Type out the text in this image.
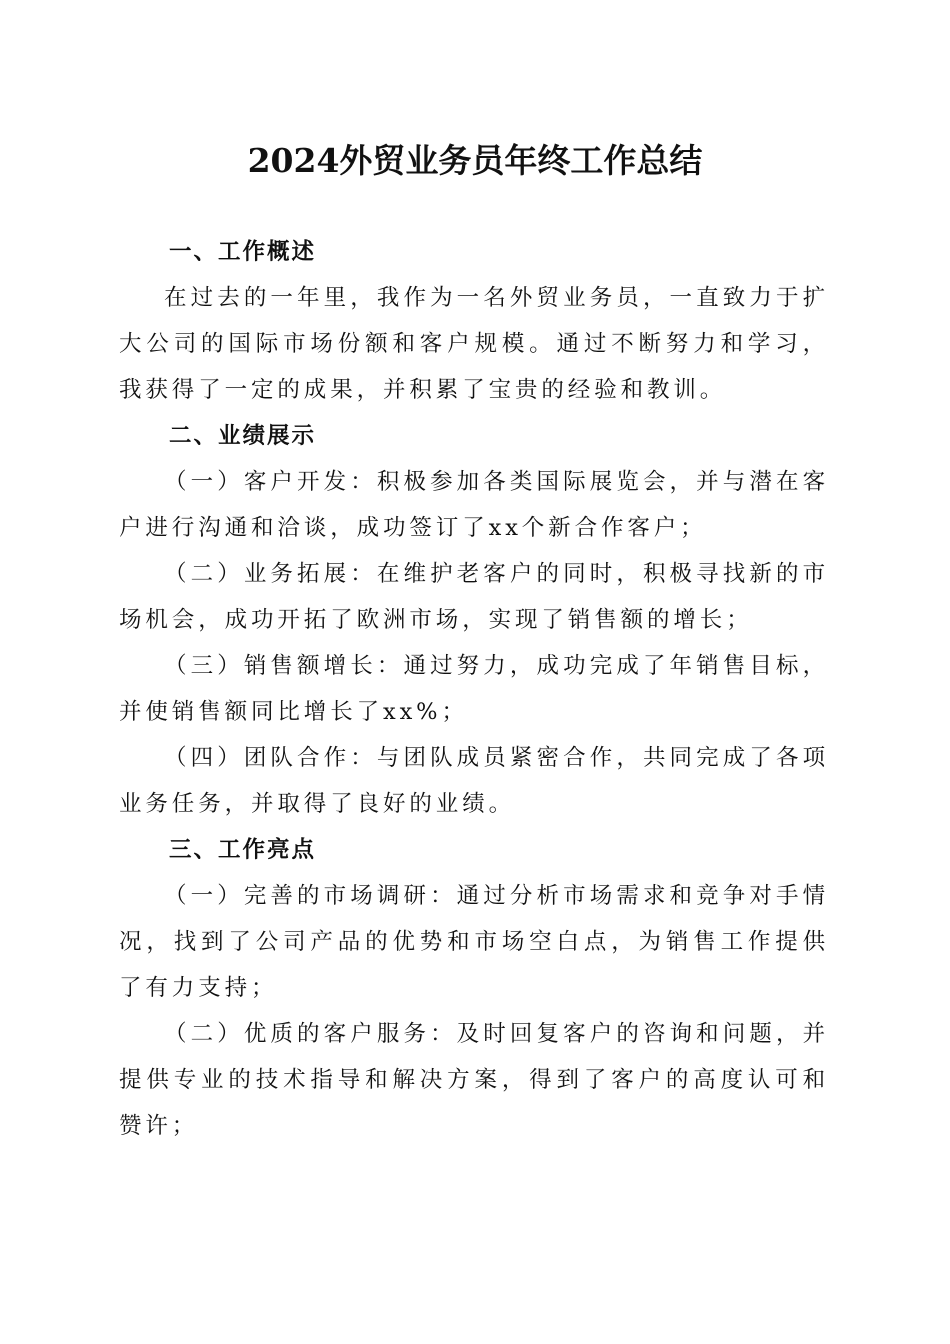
2024外贸业务员年终工作总结

一、工作概述

在过去的一年里，我作为一名外贸业务员，一直致力于扩大公司的国际市场份额和客户规模。通过不断努力和学习，我获得了一定的成果，并积累了宝贵的经验和教训。

二、业绩展示

（一）客户开发：积极参加各类国际展览会，并与潜在客户进行沟通和洽谈，成功签订了xx个新合作客户；

（二）业务拓展：在维护老客户的同时，积极寻找新的市场机会，成功开拓了欧洲市场，实现了销售额的增长；

（三）销售额增长：通过努力，成功完成了年销售目标，并使销售额同比增长了xx%；

（四）团队合作：与团队成员紧密合作，共同完成了各项业务任务，并取得了良好的业绩。

三、工作亮点

（一）完善的市场调研：通过分析市场需求和竞争对手情况，找到了公司产品的优势和市场空白点，为销售工作提供了有力支持；

（二）优质的客户服务：及时回复客户的咨询和问题，并提供专业的技术指导和解决方案，得到了客户的高度认可和赞许；
